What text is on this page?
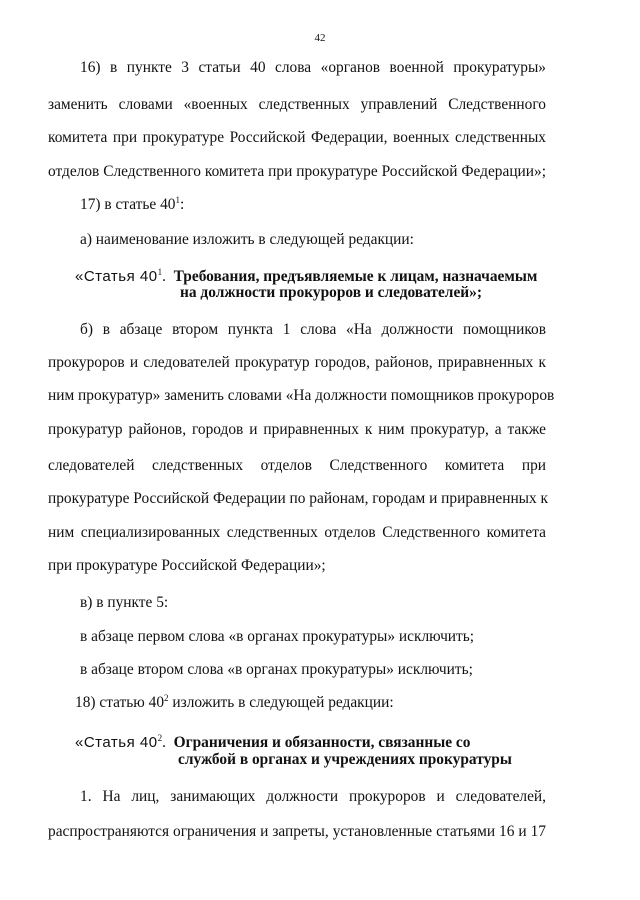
42
16) в пункте 3 статьи 40 слова «органов военной прокуратуры»
заменить словами «военных следственных управлений Следственного
комитета при прокуратуре Российской Федерации, военных следственных
отделов Следственного комитета при прокуратуре Российской Федерации»;
17) в статье $40^1$:
а) наименование изложить в следующей редакции:
«Статья $40^1$. Требования, предъявляемые к лицам, назначаемым
на должности прокуроров и следователей»;
б) в абзаце втором пункта 1 слова «На должности помощников
прокуроров и следователей прокуратур городов, районов, приравненных к
ним прокуратур» заменить словами «На должности помощников прокуроров
прокуратур районов, городов и приравненных к ним прокуратур, а также
следователей следственных отделов Следственного комитета при
прокуратуре Российской Федерации по районам, городам и приравненных к
ним специализированных следственных отделов Следственного комитета
при прокуратуре Российской Федерации»;
в) в пункте 5:
в абзаце первом слова «в органах прокуратуры» исключить;
в абзаце втором слова «в органах прокуратуры» исключить;
18) статью $40^2$ изложить в следующей редакции:
«Статья $40^2$. Ограничения и обязанности, связанные со
службой в органах и учреждениях прокуратуры
1. На лиц, занимающих должности прокуроров и следователей,
распространяются ограничения и запреты, установленные статьями 16 и 17
